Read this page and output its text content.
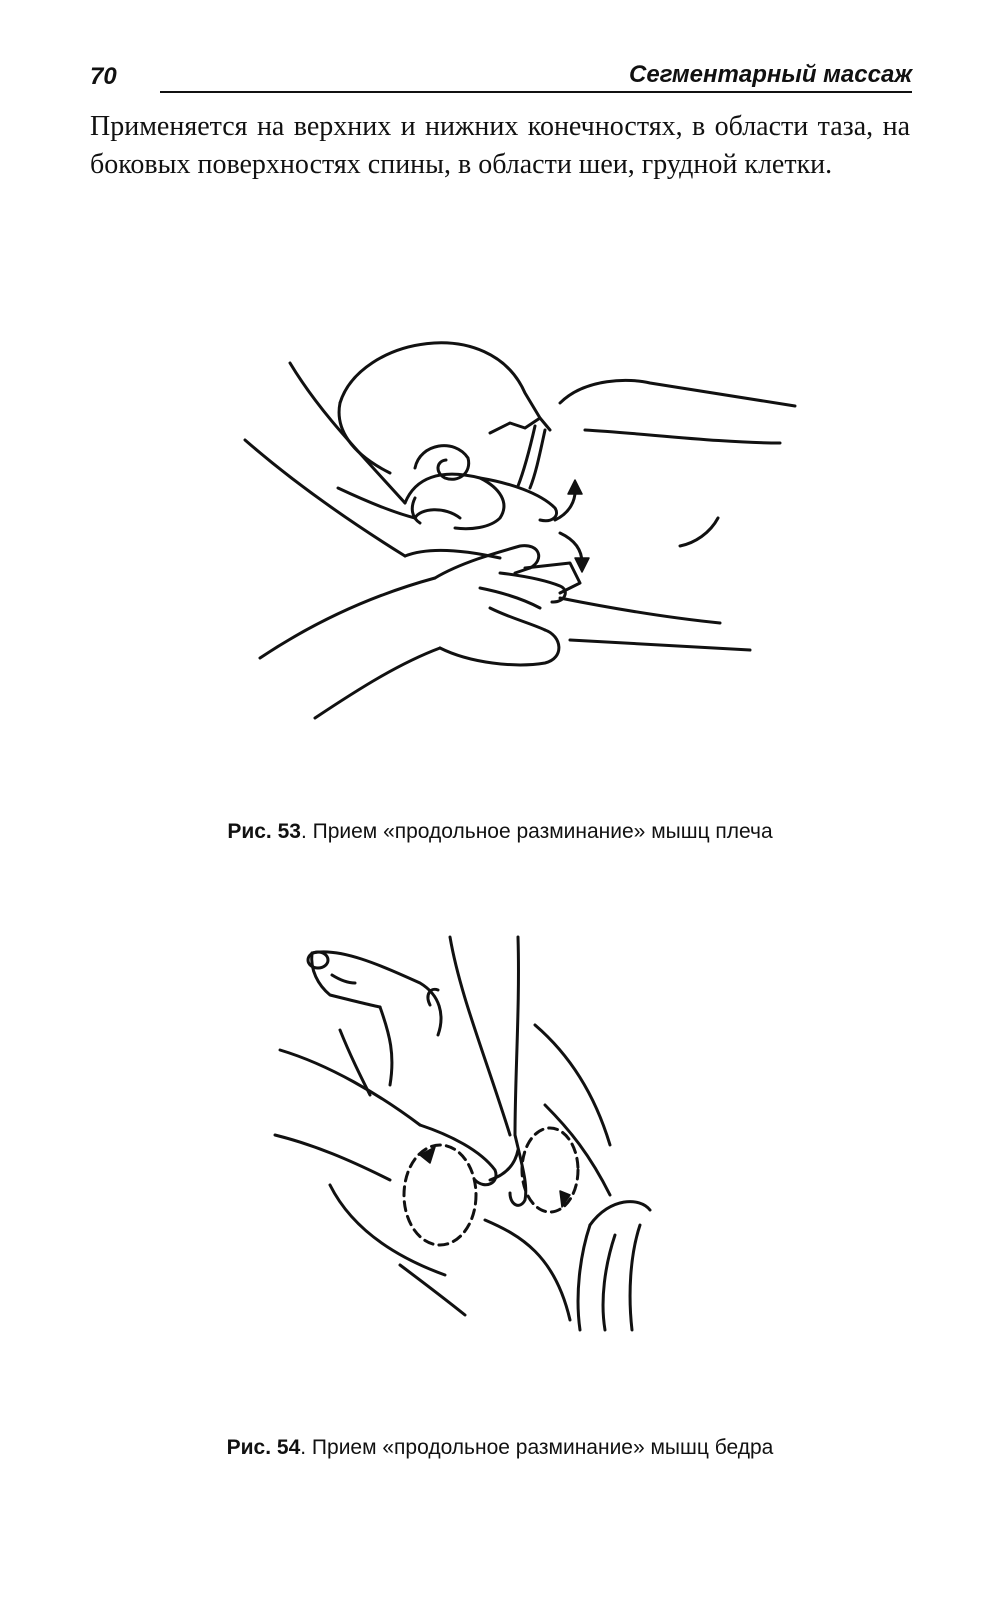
70	Сегментарный массаж

Применяется на верхних и нижних конечностях, в области таза, на боковых поверхностях спины, в области шеи, грудной клетки.

Рис. 53. Прием «продольное разминание» мышц плеча
Рис. 54. Прием «продольное разминание» мышц бедра
